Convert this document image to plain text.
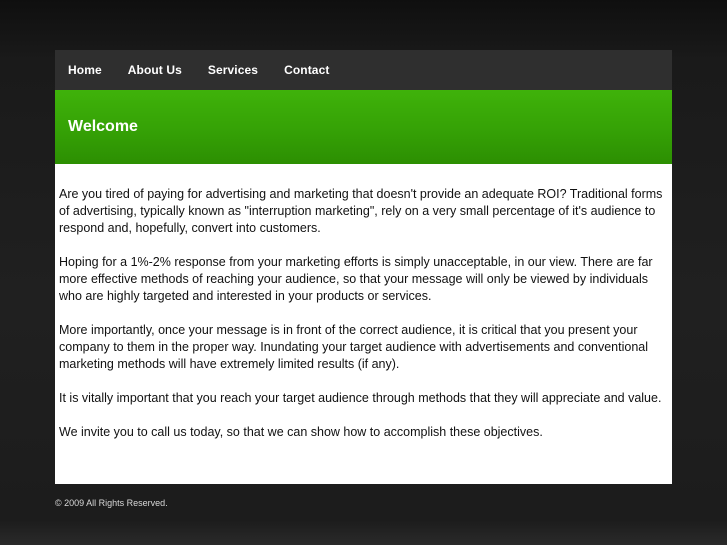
Home About Us Services Contact
Welcome

Are you tired of paying for advertising and marketing that doesn't provide an adequate ROI? Traditional forms of advertising, typically known as "interruption marketing", rely on a very small percentage of it's audience to respond and, hopefully, convert into customers.

Hoping for a 1%-2% response from your marketing efforts is simply unacceptable, in our view. There are far more effective methods of reaching your audience, so that your message will only be viewed by individuals who are highly targeted and interested in your products or services.

More importantly, once your message is in front of the correct audience, it is critical that you present your company to them in the proper way. Inundating your target audience with advertisements and conventional marketing methods will have extremely limited results (if any).

It is vitally important that you reach your target audience through methods that they will appreciate and value.

We invite you to call us today, so that we can show how to accomplish these objectives.

© 2009 All Rights Reserved.
